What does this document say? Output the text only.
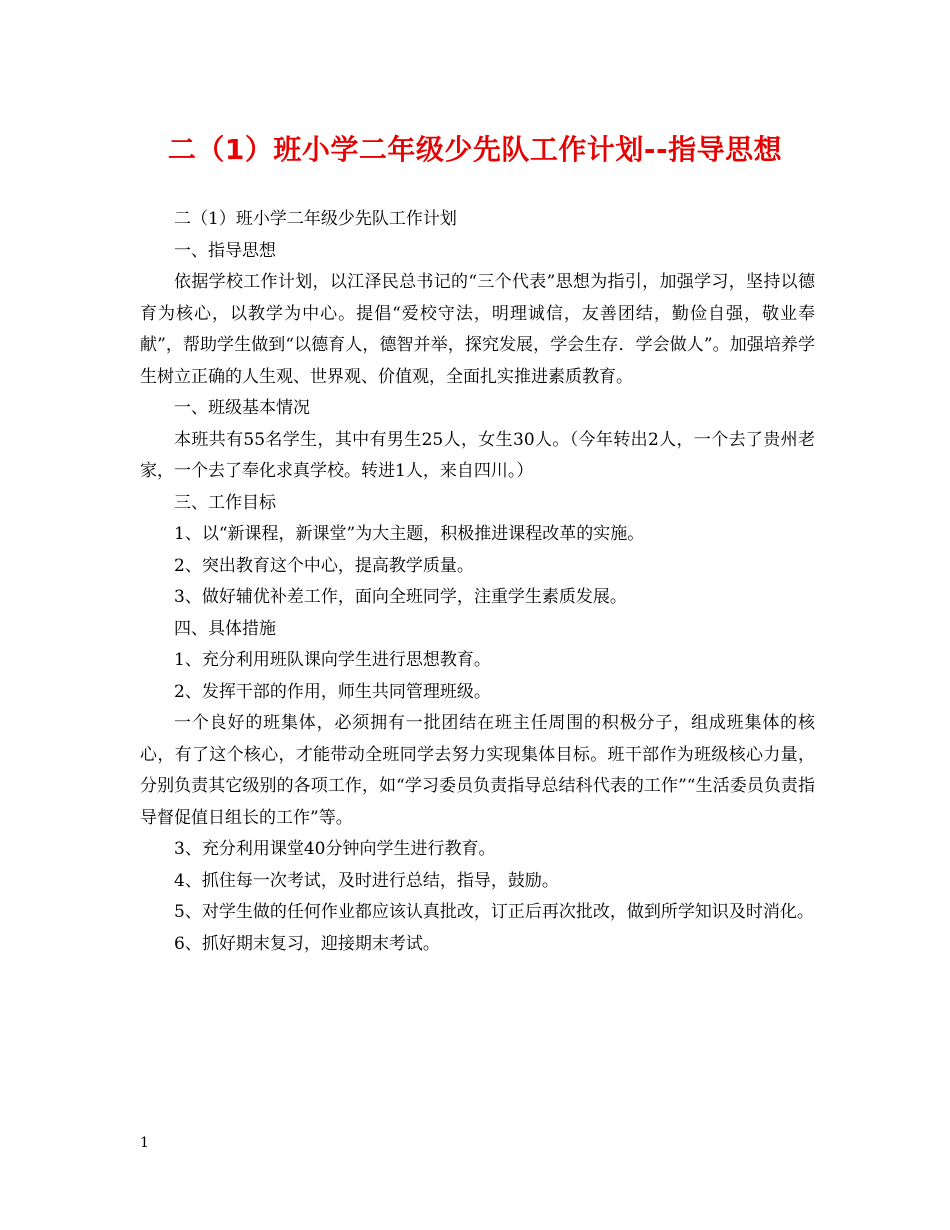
二（1）班小学二年级少先队工作计划--指导思想

二（1）班小学二年级少先队工作计划

一、指导思想

依据学校工作计划，以江泽民总书记的“三个代表”思想为指引，加强学习，坚持以德育为核心，以教学为中心。提倡“爱校守法，明理诚信，友善团结，勤俭自强，敬业奉献”，帮助学生做到“以德育人，德智并举，探究发展，学会生存．学会做人”。加强培养学生树立正确的人生观、世界观、价值观，全面扎实推进素质教育。

一、班级基本情况

本班共有55名学生，其中有男生25人，女生30人。（今年转出2人，一个去了贵州老家，一个去了奉化求真学校。转进1人，来自四川。）

三、工作目标

1、以“新课程，新课堂”为大主题，积极推进课程改革的实施。

2、突出教育这个中心，提高教学质量。

3、做好辅优补差工作，面向全班同学，注重学生素质发展。

四、具体措施

1、充分利用班队课向学生进行思想教育。

2、发挥干部的作用，师生共同管理班级。

一个良好的班集体，必须拥有一批团结在班主任周围的积极分子，组成班集体的核心，有了这个核心，才能带动全班同学去努力实现集体目标。班干部作为班级核心力量，分别负责其它级别的各项工作，如“学习委员负责指导总结科代表的工作”“生活委员负责指导督促值日组长的工作”等。

3、充分利用课堂40分钟向学生进行教育。

4、抓住每一次考试，及时进行总结，指导，鼓励。

5、对学生做的任何作业都应该认真批改，订正后再次批改，做到所学知识及时消化。

6、抓好期末复习，迎接期末考试。

1
